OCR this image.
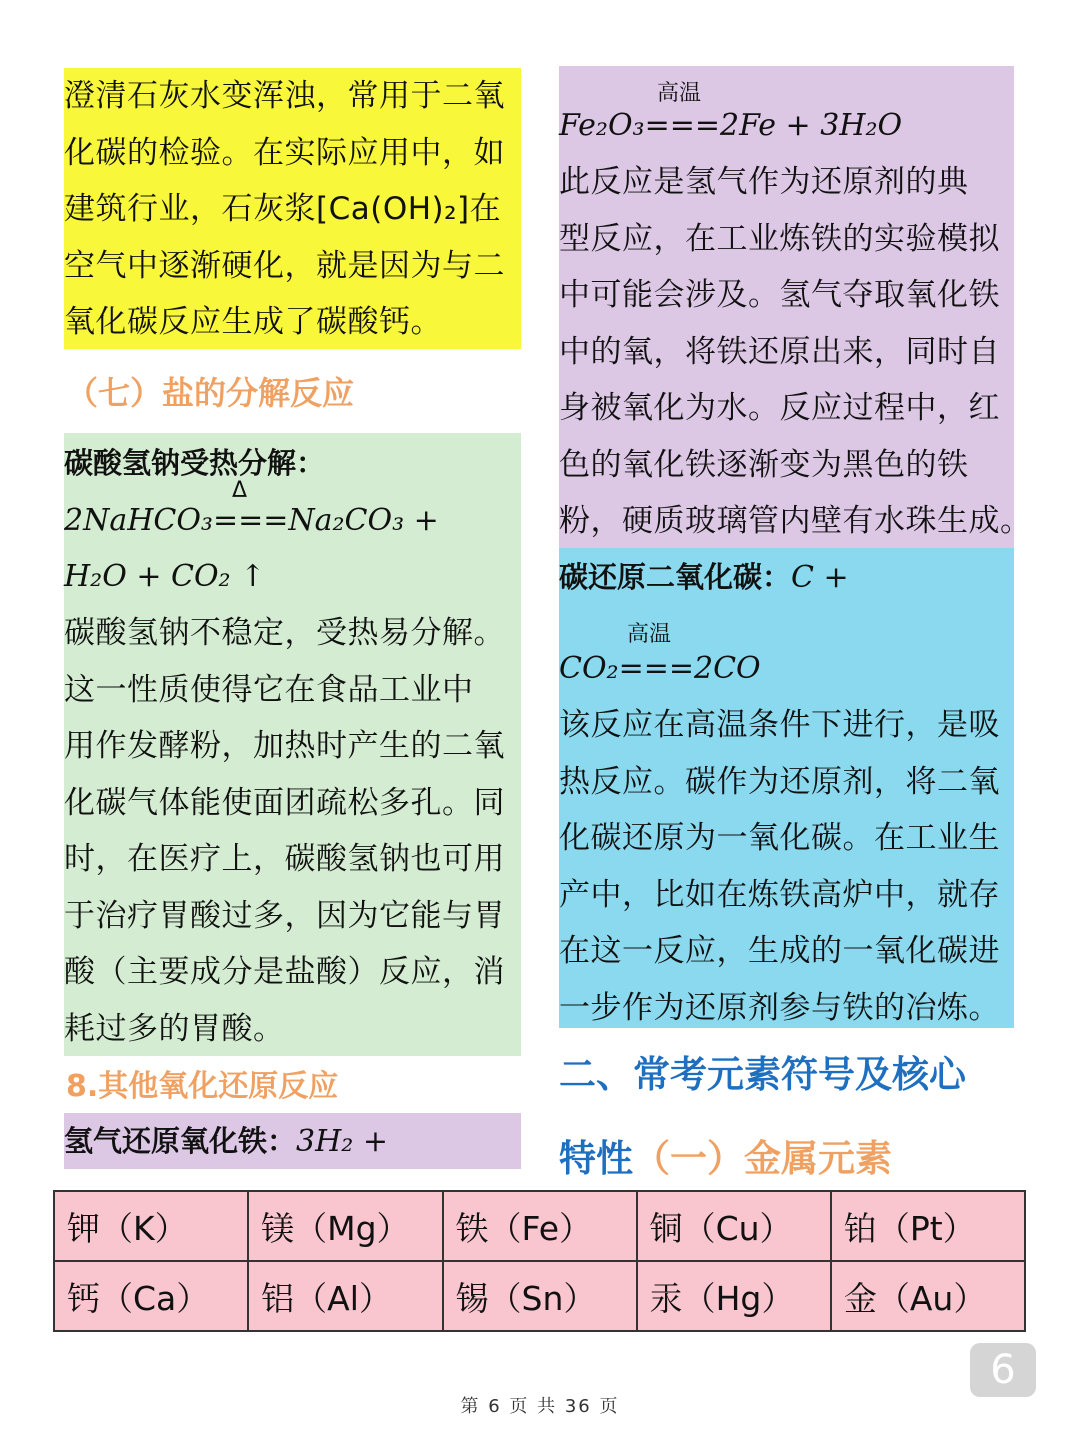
澄清石灰水变浑浊，常用于二氧
化碳的检验。在实际应用中，如
建筑行业，石灰浆[Ca(OH)₂]在
空气中逐渐硬化，就是因为与二
氧化碳反应生成了碳酸钙。
（七）盐的分解反应
碳酸氢钠受热分解：
Δ
2NaHCO₃===Na₂CO₃ +
H₂O + CO₂ ↑
碳酸氢钠不稳定，受热易分解。
这一性质使得它在食品工业中
用作发酵粉，加热时产生的二氧
化碳气体能使面团疏松多孔。同
时，在医疗上，碳酸氢钠也可用
于治疗胃酸过多，因为它能与胃
酸（主要成分是盐酸）反应，消
耗过多的胃酸。
8.其他氧化还原反应
氢气还原氧化铁：3H₂ +
高温
Fe₂O₃===2Fe + 3H₂O
此反应是氢气作为还原剂的典
型反应，在工业炼铁的实验模拟
中可能会涉及。氢气夺取氧化铁
中的氧，将铁还原出来，同时自
身被氧化为水。反应过程中，红
色的氧化铁逐渐变为黑色的铁
粉，硬质玻璃管内壁有水珠生成。
碳还原二氧化碳：C +
高温
CO₂===2CO
该反应在高温条件下进行，是吸
热反应。碳作为还原剂，将二氧
化碳还原为一氧化碳。在工业生
产中，比如在炼铁高炉中，就存
在这一反应，生成的一氧化碳进
一步作为还原剂参与铁的冶炼。
二、常考元素符号及核心
特性（一）金属元素
钾（K）	镁（Mg）	铁（Fe）	铜（Cu）	铂（Pt）
钙（Ca）	铝（Al）	锡（Sn）	汞（Hg）	金（Au）
6
第 6 页 共 36 页
